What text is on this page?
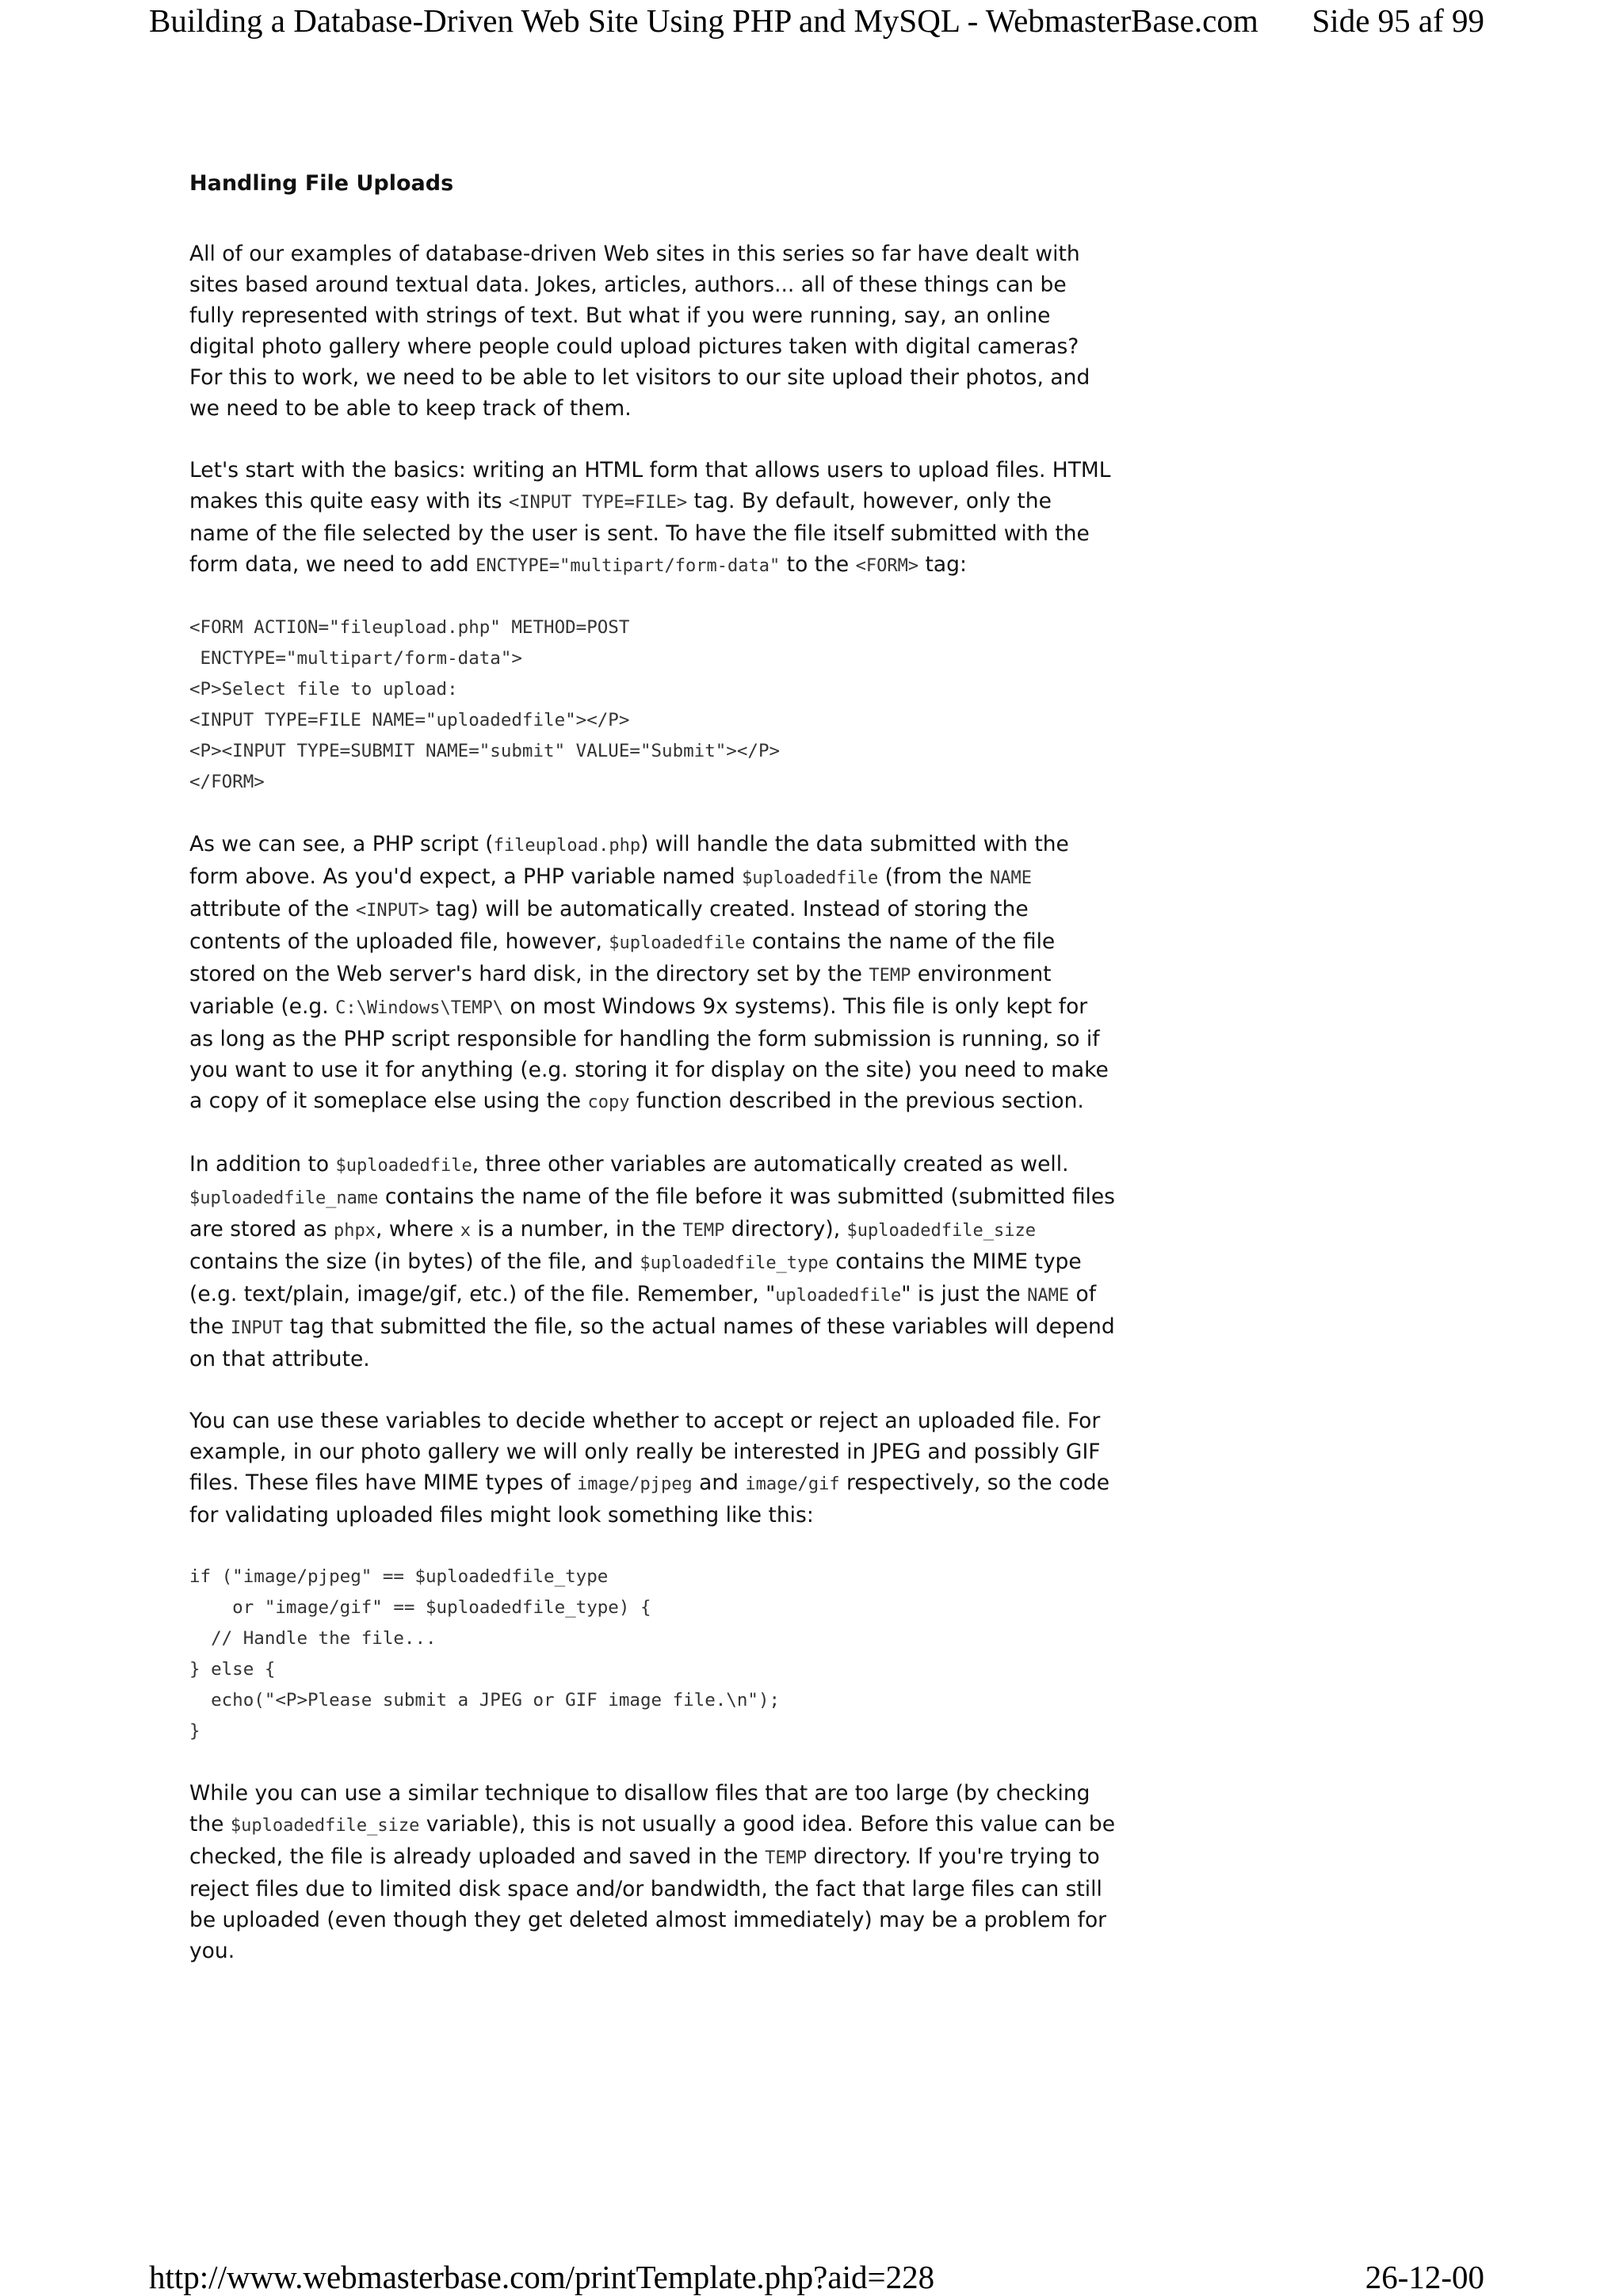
Building a Database-Driven Web Site Using PHP and MySQL - WebmasterBase.com Side 95 af 99
Handling File Uploads

All of our examples of database-driven Web sites in this series so far have dealt with sites based around textual data. Jokes, articles, authors... all of these things can be fully represented with strings of text. But what if you were running, say, an online digital photo gallery where people could upload pictures taken with digital cameras? For this to work, we need to be able to let visitors to our site upload their photos, and we need to be able to keep track of them.

Let's start with the basics: writing an HTML form that allows users to upload files. HTML makes this quite easy with its <INPUT TYPE=FILE> tag. By default, however, only the name of the file selected by the user is sent. To have the file itself submitted with the form data, we need to add ENCTYPE="multipart/form-data" to the <FORM> tag:

<FORM ACTION="fileupload.php" METHOD=POST
ENCTYPE="multipart/form-data">
<P>Select file to upload:
<INPUT TYPE=FILE NAME="uploadedfile"></P>
<P><INPUT TYPE=SUBMIT NAME="submit" VALUE="Submit"></P>
</FORM>

As we can see, a PHP script (fileupload.php) will handle the data submitted with the form above. As you'd expect, a PHP variable named $uploadedfile (from the NAME attribute of the <INPUT> tag) will be automatically created. Instead of storing the contents of the uploaded file, however, $uploadedfile contains the name of the file stored on the Web server's hard disk, in the directory set by the TEMP environment variable (e.g. C:\Windows\TEMP\ on most Windows 9x systems). This file is only kept for as long as the PHP script responsible for handling the form submission is running, so if you want to use it for anything (e.g. storing it for display on the site) you need to make a copy of it someplace else using the copy function described in the previous section.

In addition to $uploadedfile, three other variables are automatically created as well. $uploadedfile_name contains the name of the file before it was submitted (submitted files are stored as phpx, where x is a number, in the TEMP directory), $uploadedfile_size contains the size (in bytes) of the file, and $uploadedfile_type contains the MIME type (e.g. text/plain, image/gif, etc.) of the file. Remember, "uploadedfile" is just the NAME of the INPUT tag that submitted the file, so the actual names of these variables will depend on that attribute.

You can use these variables to decide whether to accept or reject an uploaded file. For example, in our photo gallery we will only really be interested in JPEG and possibly GIF files. These files have MIME types of image/pjpeg and image/gif respectively, so the code for validating uploaded files might look something like this:

if ("image/pjpeg" == $uploadedfile_type
or "image/gif" == $uploadedfile_type) {
// Handle the file...
} else {
echo("<P>Please submit a JPEG or GIF image file.\n");
}

While you can use a similar technique to disallow files that are too large (by checking the $uploadedfile_size variable), this is not usually a good idea. Before this value can be checked, the file is already uploaded and saved in the TEMP directory. If you're trying to reject files due to limited disk space and/or bandwidth, the fact that large files can still be uploaded (even though they get deleted almost immediately) may be a problem for you.

http://www.webmasterbase.com/printTemplate.php?aid=228	26-12-00
